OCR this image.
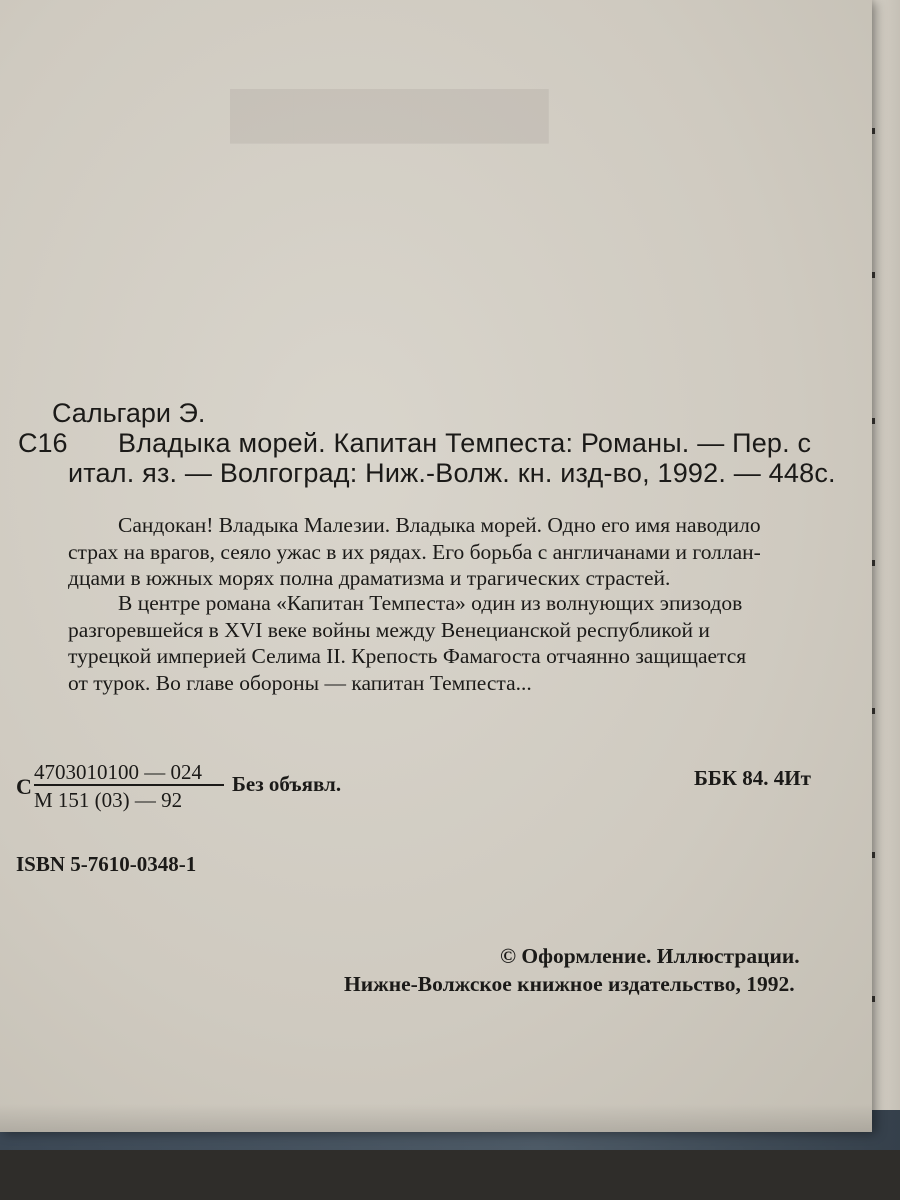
▀▀▀▀▀
Сальгари Э.
С16 Владыка морей. Капитан Темпеста: Романы. — Пер. с
итал. яз. — Волгоград: Ниж.-Волж. кн. изд-во, 1992. — 448с.
Сандокан! Владыка Малезии. Владыка морей. Одно его имя наводило
страх на врагов, сеяло ужас в их рядах. Его борьба с англичанами и голлан-
дцами в южных морях полна драматизма и трагических страстей.
В центре романа «Капитан Темпеста» один из волнующих эпизодов
разгоревшейся в XVI веке войны между Венецианской республикой и
турецкой империей Селима II. Крепость Фамагоста отчаянно защищается
от турок. Во главе обороны — капитан Темпеста...
С
4703010100 — 024
М 151 (03) — 92
Без объявл.	ББК 84. 4Ит
ISBN 5-7610-0348-1
© Оформление. Иллюстрации.
Нижне-Волжское книжное издательство, 1992.
